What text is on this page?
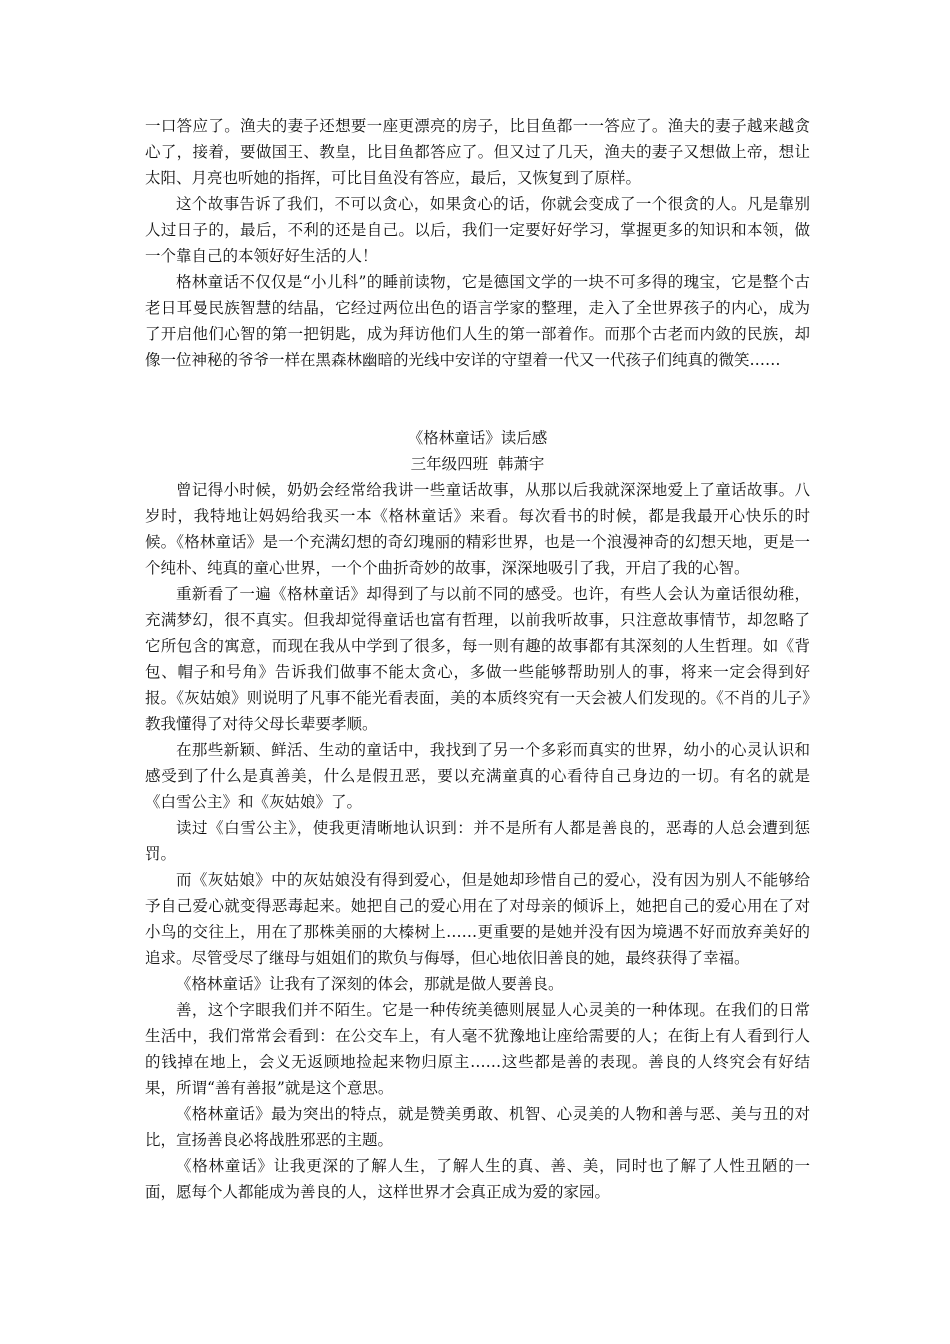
一口答应了。渔夫的妻子还想要一座更漂亮的房子，比目鱼都一一答应了。渔夫的妻子越来越贪心了，接着，要做国王、教皇，比目鱼都答应了。但又过了几天，渔夫的妻子又想做上帝，想让太阳、月亮也听她的指挥，可比目鱼没有答应，最后，又恢复到了原样。

这个故事告诉了我们，不可以贪心，如果贪心的话，你就会变成了一个很贪的人。凡是靠别人过日子的，最后，不利的还是自己。以后，我们一定要好好学习，掌握更多的知识和本领，做一个靠自己的本领好好生活的人！

格林童话不仅仅是“小儿科”的睡前读物，它是德国文学的一块不可多得的瑰宝，它是整个古老日耳曼民族智慧的结晶，它经过两位出色的语言学家的整理，走入了全世界孩子的内心，成为了开启他们心智的第一把钥匙，成为拜访他们人生的第一部着作。而那个古老而内敛的民族，却像一位神秘的爷爷一样在黑森林幽暗的光线中安详的守望着一代又一代孩子们纯真的微笑……

《格林童话》读后感

三年级四班  韩萧宇

曾记得小时候，奶奶会经常给我讲一些童话故事，从那以后我就深深地爱上了童话故事。八岁时，我特地让妈妈给我买一本《格林童话》来看。每次看书的时候，都是我最开心快乐的时候。《格林童话》是一个充满幻想的奇幻瑰丽的精彩世界，也是一个浪漫神奇的幻想天地，更是一个纯朴、纯真的童心世界，一个个曲折奇妙的故事，深深地吸引了我，开启了我的心智。

重新看了一遍《格林童话》却得到了与以前不同的感受。也许，有些人会认为童话很幼稚，充满梦幻，很不真实。但我却觉得童话也富有哲理，以前我听故事，只注意故事情节，却忽略了它所包含的寓意，而现在我从中学到了很多，每一则有趣的故事都有其深刻的人生哲理。如《背包、帽子和号角》告诉我们做事不能太贪心，多做一些能够帮助别人的事，将来一定会得到好报。《灰姑娘》则说明了凡事不能光看表面，美的本质终究有一天会被人们发现的。《不肖的儿子》教我懂得了对待父母长辈要孝顺。

在那些新颖、鲜活、生动的童话中，我找到了另一个多彩而真实的世界，幼小的心灵认识和感受到了什么是真善美，什么是假丑恶，要以充满童真的心看待自己身边的一切。有名的就是《白雪公主》和《灰姑娘》了。

读过《白雪公主》，使我更清晰地认识到：并不是所有人都是善良的，恶毒的人总会遭到惩罚。

而《灰姑娘》中的灰姑娘没有得到爱心，但是她却珍惜自己的爱心，没有因为别人不能够给予自己爱心就变得恶毒起来。她把自己的爱心用在了对母亲的倾诉上，她把自己的爱心用在了对小鸟的交往上，用在了那株美丽的大榛树上……更重要的是她并没有因为境遇不好而放弃美好的追求。尽管受尽了继母与姐姐们的欺负与侮辱，但心地依旧善良的她，最终获得了幸福。

《格林童话》让我有了深刻的体会，那就是做人要善良。

善，这个字眼我们并不陌生。它是一种传统美德则展显人心灵美的一种体现。在我们的日常生活中，我们常常会看到：在公交车上，有人毫不犹豫地让座给需要的人；在街上有人看到行人的钱掉在地上，会义无返顾地捡起来物归原主……这些都是善的表现。善良的人终究会有好结果，所谓“善有善报”就是这个意思。

《格林童话》最为突出的特点，就是赞美勇敢、机智、心灵美的人物和善与恶、美与丑的对比，宣扬善良必将战胜邪恶的主题。

《格林童话》让我更深的了解人生，了解人生的真、善、美，同时也了解了人性丑陋的一面，愿每个人都能成为善良的人，这样世界才会真正成为爱的家园。
